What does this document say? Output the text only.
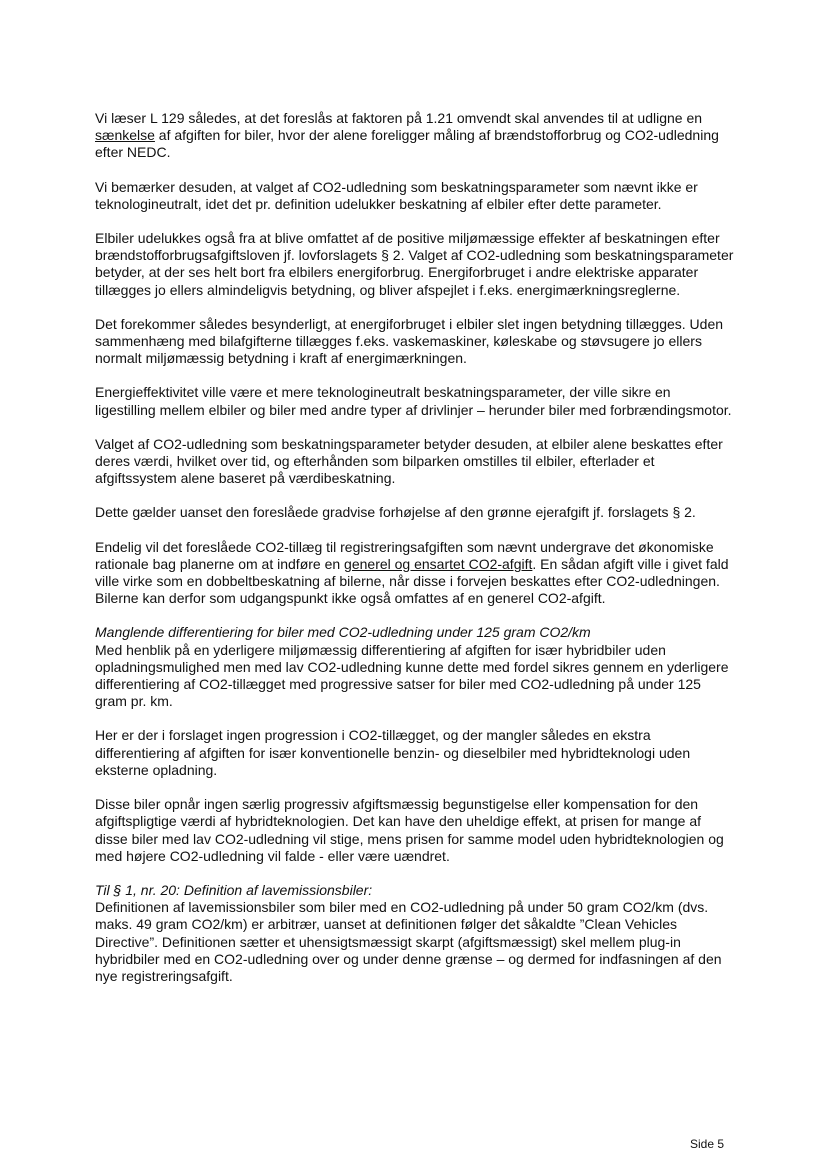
Vi læser L 129 således, at det foreslås at faktoren på 1.21 omvendt skal anvendes til at udligne en sænkelse af afgiften for biler, hvor der alene foreligger måling af brændstofforbrug og CO2-udledning efter NEDC.

Vi bemærker desuden, at valget af CO2-udledning som beskatningsparameter som nævnt ikke er teknologineutralt, idet det pr. definition udelukker beskatning af elbiler efter dette parameter.

Elbiler udelukkes også fra at blive omfattet af de positive miljømæssige effekter af beskatningen efter brændstofforbrugsafgiftsloven jf. lovforslagets § 2. Valget af CO2-udledning som beskatningsparameter betyder, at der ses helt bort fra elbilers energiforbrug. Energiforbruget i andre elektriske apparater tillægges jo ellers almindeligvis betydning, og bliver afspejlet i f.eks. energimærkningsreglerne.

Det forekommer således besynderligt, at energiforbruget i elbiler slet ingen betydning tillægges. Uden sammenhæng med bilafgifterne tillægges f.eks. vaskemaskiner, køleskabe og støvsugere jo ellers normalt miljømæssig betydning i kraft af energimærkningen.

Energieffektivitet ville være et mere teknologineutralt beskatningsparameter, der ville sikre en ligestilling mellem elbiler og biler med andre typer af drivlinjer – herunder biler med forbrændingsmotor.

Valget af CO2-udledning som beskatningsparameter betyder desuden, at elbiler alene beskattes efter deres værdi, hvilket over tid, og efterhånden som bilparken omstilles til elbiler, efterlader et afgiftssystem alene baseret på værdibeskatning.

Dette gælder uanset den foreslåede gradvise forhøjelse af den grønne ejerafgift jf. forslagets § 2.

Endelig vil det foreslåede CO2-tillæg til registreringsafgiften som nævnt undergrave det økonomiske rationale bag planerne om at indføre en generel og ensartet CO2-afgift. En sådan afgift ville i givet fald ville virke som en dobbeltbeskatning af bilerne, når disse i forvejen beskattes efter CO2-udledningen. Bilerne kan derfor som udgangspunkt ikke også omfattes af en generel CO2-afgift.

Manglende differentiering for biler med CO2-udledning under 125 gram CO2/km

Med henblik på en yderligere miljømæssig differentiering af afgiften for især hybridbiler uden opladningsmulighed men med lav CO2-udledning kunne dette med fordel sikres gennem en yderligere differentiering af CO2-tillægget med progressive satser for biler med CO2-udledning på under 125 gram pr. km.

Her er der i forslaget ingen progression i CO2-tillægget, og der mangler således en ekstra differentiering af afgiften for især konventionelle benzin- og dieselbiler med hybridteknologi uden eksterne opladning.

Disse biler opnår ingen særlig progressiv afgiftsmæssig begunstigelse eller kompensation for den afgiftspligtige værdi af hybridteknologien. Det kan have den uheldige effekt, at prisen for mange af disse biler med lav CO2-udledning vil stige, mens prisen for samme model uden hybridteknologien og med højere CO2-udledning vil falde - eller være uændret.

Til § 1, nr. 20: Definition af lavemissionsbiler:

Definitionen af lavemissionsbiler som biler med en CO2-udledning på under 50 gram CO2/km (dvs. maks. 49 gram CO2/km) er arbitrær, uanset at definitionen følger det såkaldte ”Clean Vehicles Directive”. Definitionen sætter et uhensigtsmæssigt skarpt (afgiftsmæssigt) skel mellem plug-in hybridbiler med en CO2-udledning over og under denne grænse – og dermed for indfasningen af den nye registreringsafgift.

Side 5
